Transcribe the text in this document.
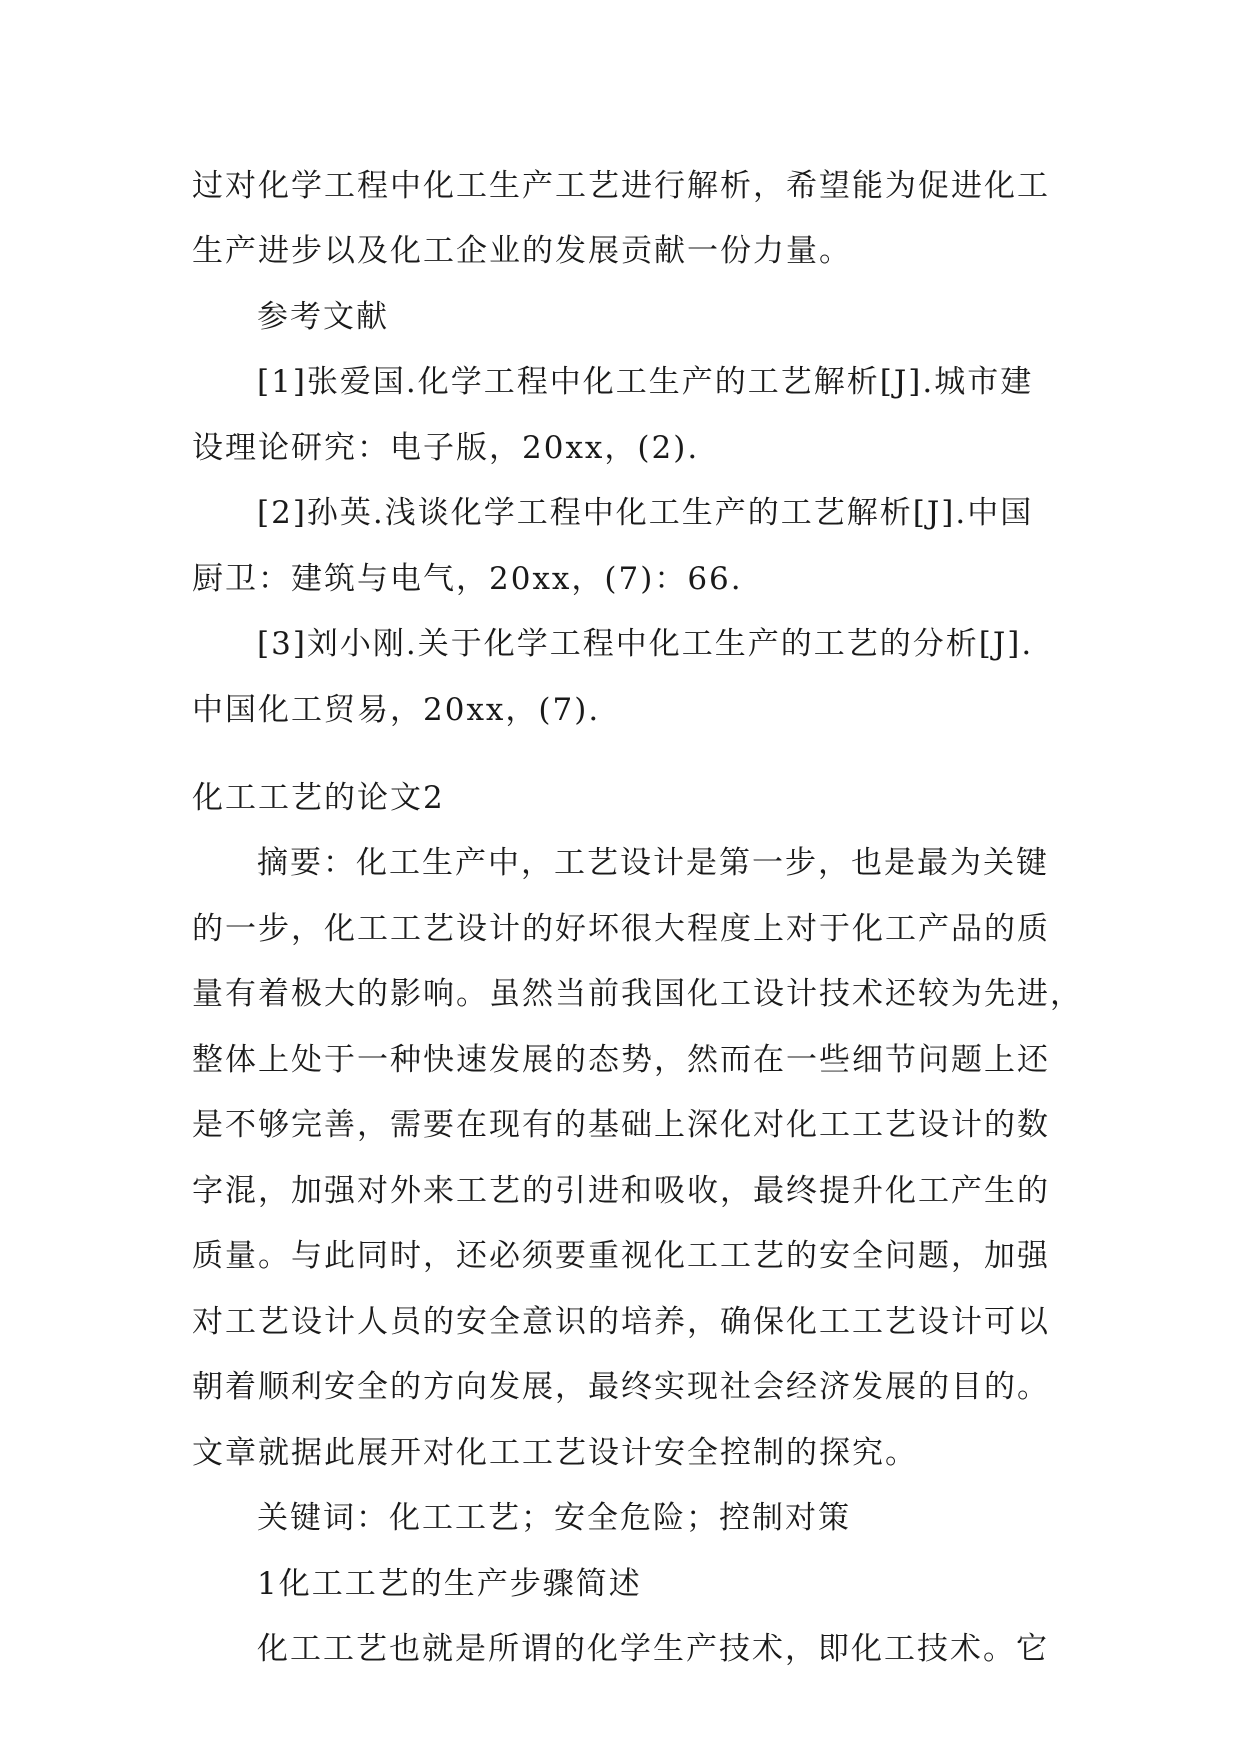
过对化学工程中化工生产工艺进行解析，希望能为促进化工
生产进步以及化工企业的发展贡献一份力量。
参考文献
[1]张爱国.化学工程中化工生产的工艺解析[J].城市建
设理论研究：电子版，20xx，(2).
[2]孙英.浅谈化学工程中化工生产的工艺解析[J].中国
厨卫：建筑与电气，20xx，(7)：66.
[3]刘小刚.关于化学工程中化工生产的工艺的分析[J].
中国化工贸易，20xx，(7).
化工工艺的论文2
摘要：化工生产中，工艺设计是第一步，也是最为关键
的一步，化工工艺设计的好坏很大程度上对于化工产品的质
量有着极大的影响。虽然当前我国化工设计技术还较为先进，
整体上处于一种快速发展的态势，然而在一些细节问题上还
是不够完善，需要在现有的基础上深化对化工工艺设计的数
字混，加强对外来工艺的引进和吸收，最终提升化工产生的
质量。与此同时，还必须要重视化工工艺的安全问题，加强
对工艺设计人员的安全意识的培养，确保化工工艺设计可以
朝着顺利安全的方向发展，最终实现社会经济发展的目的。
文章就据此展开对化工工艺设计安全控制的探究。
关键词：化工工艺；安全危险；控制对策
1化工工艺的生产步骤简述
化工工艺也就是所谓的化学生产技术，即化工技术。它
